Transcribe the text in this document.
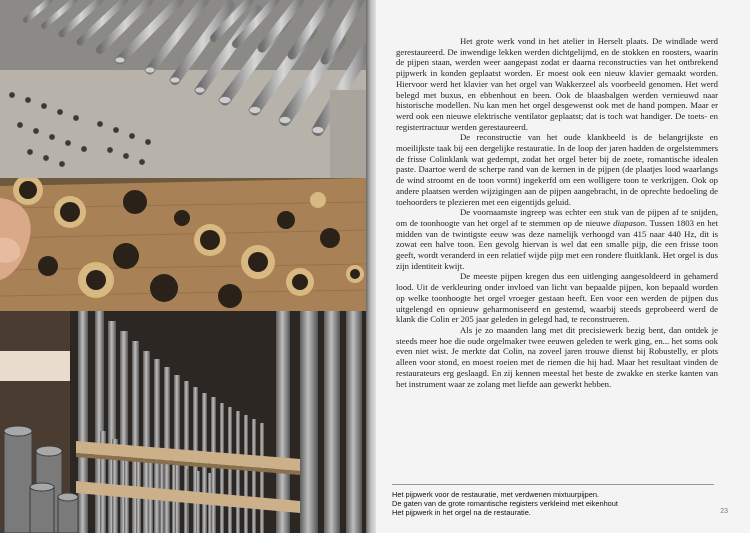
Het grote werk vond in het atelier in Herselt plaats. De windlade werd gerestaureerd. De inwendige lekken werden dichtgelijmd, en de stokken en roosters, waarin de pijpen staan, werden weer aangepast zodat er daarna reconstructies van het ontbrekend pijpwerk in konden geplaatst worden. Er moest ook een nieuw klavier gemaakt worden. Hiervoor werd het klavier van het orgel van Wakkerzeel als voorbeeld genomen. Het werd belegd met buxus, en ebbenhout en been. Ook de blaasbalgen werden vernieuwd naar historische modellen. Nu kan men het orgel desgewenst ook met de hand pompen. Maar er werd ook een nieuwe elektrische ventilator geplaatst; dat is toch wat handiger. De toets- en registertractuur werden gerestaureerd.

De reconstructie van het oude klankbeeld is de belangrijkste en moeilijkste taak bij een dergelijke restauratie. In de loop der jaren hadden de orgelstemmers de frisse Colinklank wat gedempt, zodat het orgel beter bij de zoete, romantische idealen paste. Daartoe werd de scherpe rand van de kernen in de pijpen (de plaatjes lood waarlangs de wind stroomt en de toon vormt) ingekerfd om een wolligere toon te verkrijgen. Ook op andere plaatsen werden wijzigingen aan de pijpen aangebracht, in de oprechte bedoeling de toehoorders te plezieren met een eigentijds geluid.

De voornaamste ingreep was echter een stuk van de pijpen af te snijden, om de toonhoogte van het orgel af te stemmen op de nieuwe diapason. Tussen 1803 en het midden van de twintigste eeuw was deze namelijk verhoogd van 415 naar 440 Hz, dit is zowat een halve toon. Een gevolg hiervan is wel dat een smalle pijp, die een frisse toon geeft, wordt veranderd in een relatief wijde pijp met een rondere fluitklank. Het orgel is dus zijn identiteit kwijt.

De meeste pijpen kregen dus een uitlenging aangesoldeerd in gehamerd lood. Uit de verkleuring onder invloed van licht van bepaalde pijpen, kon bepaald worden op welke toonhoogte het orgel vroeger gestaan heeft. Een voor een werden de pijpen dus uitgelengd en opnieuw geharmoniseerd en gestemd, waarbij steeds geprobeerd werd de klank die Colin er 205 jaar geleden in gelegd had, te reconstrueren.

Als je zo maanden lang met dit precisiewerk bezig bent, dan ontdek je steeds meer hoe die oude orgelmaker twee eeuwen geleden te werk ging, en... het soms ook even niet wist. Je merkte dat Colin, na zoveel jaren trouwe dienst bij Robustelly, er plots alleen voor stond, en moest roeien met de riemen die hij had. Maar het resultaat vinden de restaurateurs erg geslaagd. En zij kennen meestal het beste de zwakke en sterke kanten van het instrument waar ze zolang met liefde aan gewerkt hebben.

Het pijpwerk voor de restauratie, met verdwenen mixtuurpijpen.
De gaten van de grote romantische registers verkleind met eikenhout
Het pijpwerk in het orgel na de restauratie.	23
